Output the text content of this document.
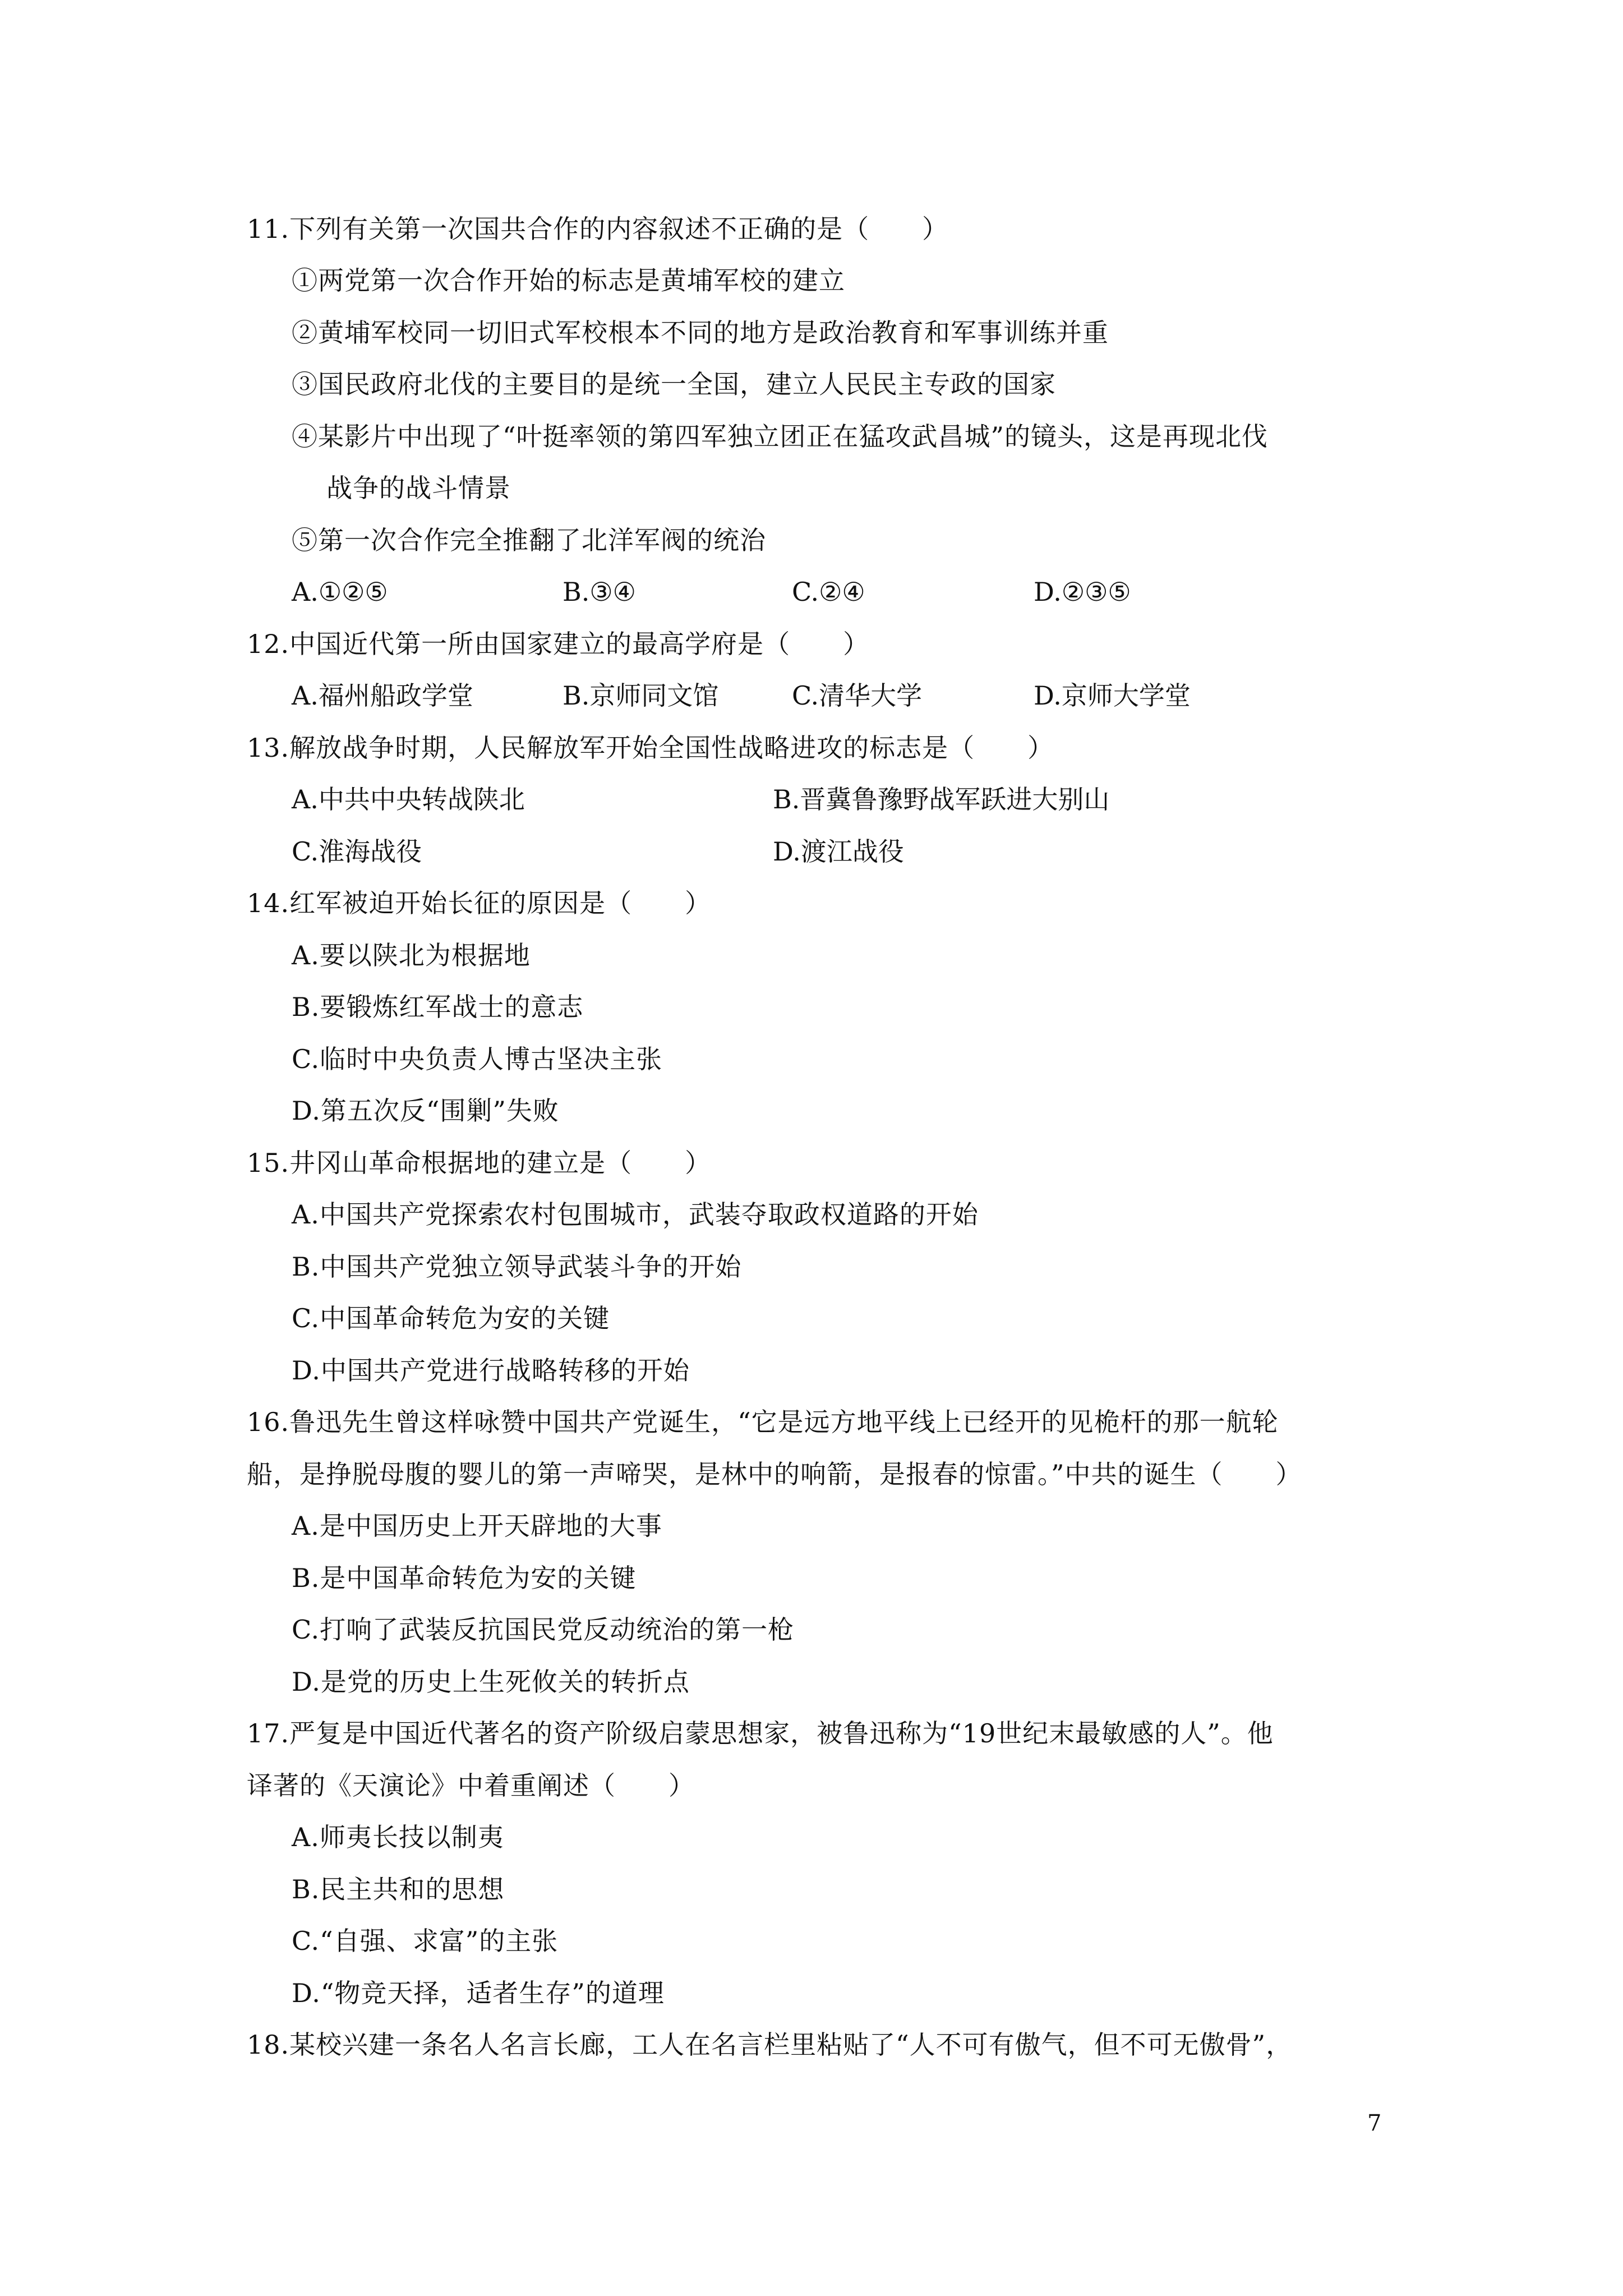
11.下列有关第一次国共合作的内容叙述不正确的是（　　）
①两党第一次合作开始的标志是黄埔军校的建立
②黄埔军校同一切旧式军校根本不同的地方是政治教育和军事训练并重
③国民政府北伐的主要目的是统一全国，建立人民民主专政的国家
④某影片中出现了“叶挺率领的第四军独立团正在猛攻武昌城”的镜头，这是再现北伐
战争的战斗情景
⑤第一次合作完全推翻了北洋军阀的统治
A.①②⑤	B.③④	C.②④	D.②③⑤
12.中国近代第一所由国家建立的最高学府是（　　）
A.福州船政学堂	B.京师同文馆	C.清华大学	D.京师大学堂
13.解放战争时期，人民解放军开始全国性战略进攻的标志是（　　）
A.中共中央转战陕北	B.晋冀鲁豫野战军跃进大别山
C.淮海战役	D.渡江战役
14.红军被迫开始长征的原因是（　　）
A.要以陕北为根据地
B.要锻炼红军战士的意志
C.临时中央负责人博古坚决主张
D.第五次反“围剿”失败
15.井冈山革命根据地的建立是（　　）
A.中国共产党探索农村包围城市，武装夺取政权道路的开始
B.中国共产党独立领导武装斗争的开始
C.中国革命转危为安的关键
D.中国共产党进行战略转移的开始
16.鲁迅先生曾这样咏赞中国共产党诞生，“它是远方地平线上已经开的见桅杆的那一航轮
船，是挣脱母腹的婴儿的第一声啼哭，是林中的响箭，是报春的惊雷。”中共的诞生（　　）
A.是中国历史上开天辟地的大事
B.是中国革命转危为安的关键
C.打响了武装反抗国民党反动统治的第一枪
D.是党的历史上生死攸关的转折点
17.严复是中国近代著名的资产阶级启蒙思想家，被鲁迅称为“19世纪末最敏感的人”。他
译著的《天演论》中着重阐述（　　）
A.师夷长技以制夷
B.民主共和的思想
C.“自强、求富”的主张
D.“物竞天择，适者生存”的道理
18.某校兴建一条名人名言长廊，工人在名言栏里粘贴了“人不可有傲气，但不可无傲骨”，
7
